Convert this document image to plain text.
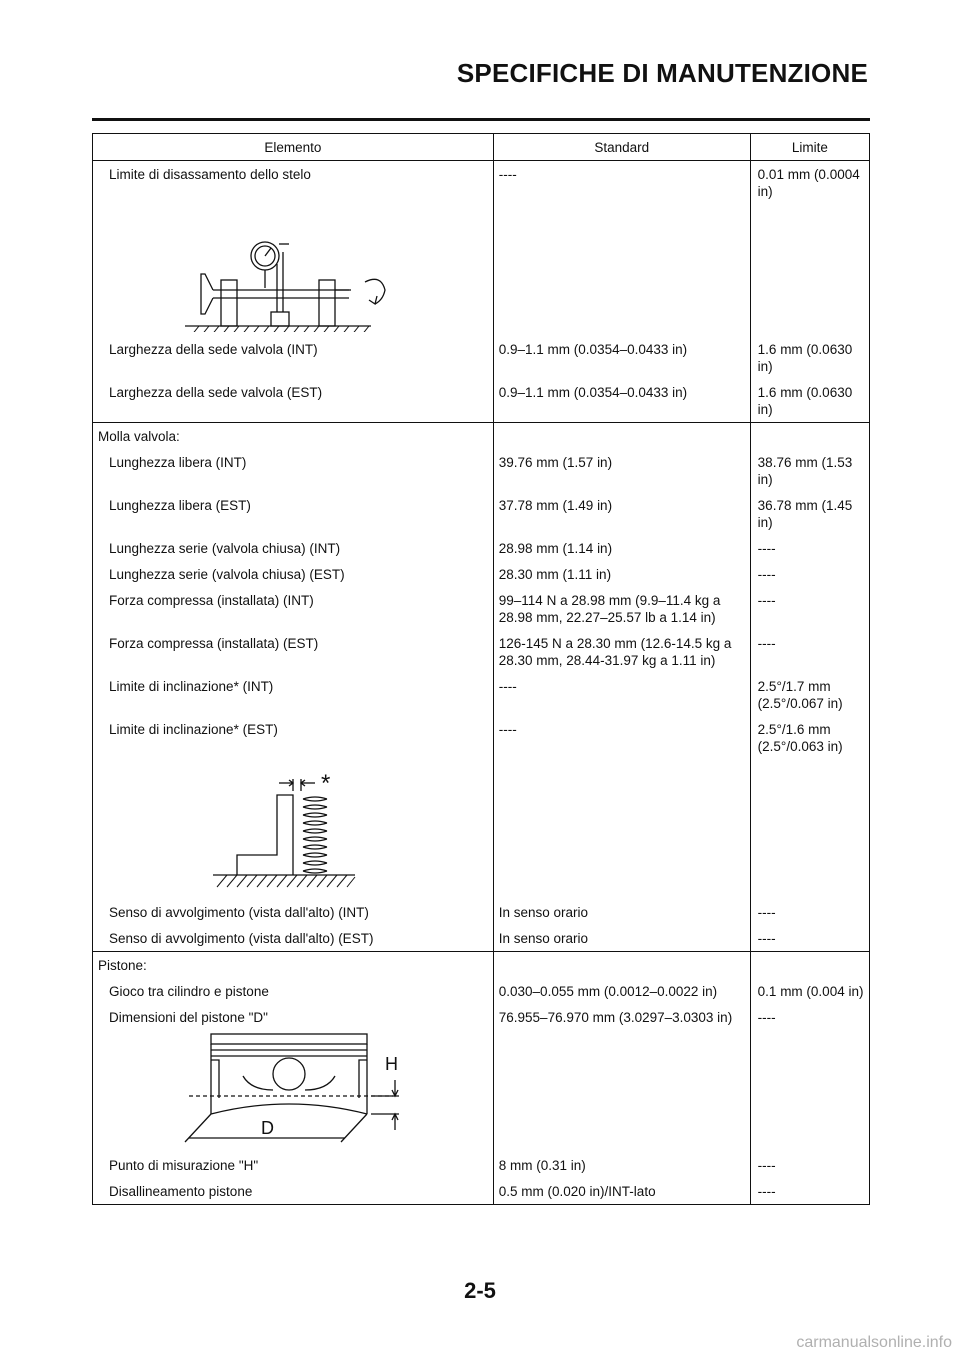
SPECIFICHE DI MANUTENZIONE
Elemento	Standard	Limite
Limite di disassamento dello stelo	----	0.01 mm (0.0004 in)

Larghezza della sede valvola (INT)	0.9–1.1 mm (0.0354–0.0433 in)	1.6 mm (0.0630 in)
Larghezza della sede valvola (EST)	0.9–1.1 mm (0.0354–0.0433 in)	1.6 mm (0.0630 in)
Molla valvola:		
Lunghezza libera (INT)	39.76 mm (1.57 in)	38.76 mm (1.53 in)
Lunghezza libera (EST)	37.78 mm (1.49 in)	36.78 mm (1.45 in)
Lunghezza serie (valvola chiusa) (INT)	28.98 mm (1.14 in)	----
Lunghezza serie (valvola chiusa) (EST)	28.30 mm (1.11 in)	----
Forza compressa (installata) (INT)	99–114 N a 28.98 mm (9.9–11.4 kg a 28.98 mm, 22.27–25.57 lb a 1.14 in)	----
Forza compressa (installata) (EST)	126-145 N a 28.30 mm (12.6-14.5 kg a 28.30 mm, 28.44-31.97 kg a 1.11 in)	----
Limite di inclinazione* (INT)	----	2.5°/1.7 mm (2.5°/0.067 in)
Limite di inclinazione* (EST)	----	2.5°/1.6 mm (2.5°/0.063 in)

*		

Senso di avvolgimento (vista dall'alto) (INT)	In senso orario	----
Senso di avvolgimento (vista dall'alto) (EST)	In senso orario	----
Pistone:		
Gioco tra cilindro e pistone	0.030–0.055 mm (0.0012–0.0022 in)	0.1 mm (0.004 in)
Dimensioni del pistone "D"	76.955–76.970 mm (3.0297–3.0303 in)	----

H
D		

Punto di misurazione "H"	8 mm (0.31 in)	----
Disallineamento pistone	0.5 mm (0.020 in)/INT-lato	----
2-5
carmanualsonline.info
